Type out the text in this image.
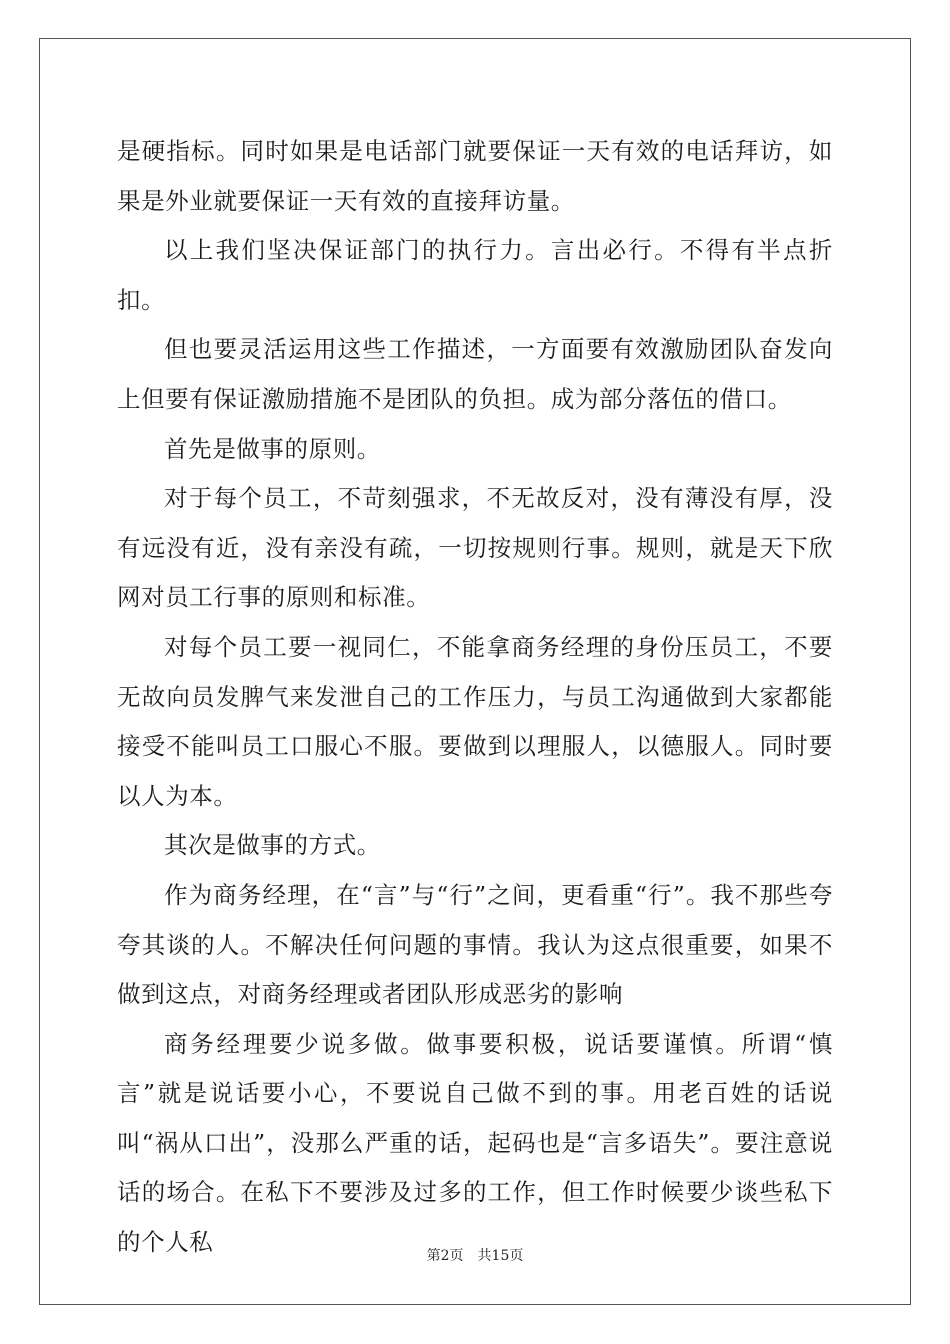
是硬指标。同时如果是电话部门就要保证一天有效的电话拜访，如果是外业就要保证一天有效的直接拜访量。

以上我们坚决保证部门的执行力。言出必行。不得有半点折扣。

但也要灵活运用这些工作描述，一方面要有效激励团队奋发向上但要有保证激励措施不是团队的负担。成为部分落伍的借口。

首先是做事的原则。

对于每个员工，不苛刻强求，不无故反对，没有薄没有厚，没有远没有近，没有亲没有疏，一切按规则行事。规则，就是天下欣网对员工行事的原则和标准。

对每个员工要一视同仁，不能拿商务经理的身份压员工，不要无故向员发脾气来发泄自己的工作压力，与员工沟通做到大家都能接受不能叫员工口服心不服。要做到以理服人，以德服人。同时要以人为本。

其次是做事的方式。

作为商务经理，在“言”与“行”之间，更看重“行”。我不那些夸夸其谈的人。不解决任何问题的事情。我认为这点很重要，如果不做到这点，对商务经理或者团队形成恶劣的影响

商务经理要少说多做。做事要积极，说话要谨慎。所谓“慎言”就是说话要小心，不要说自己做不到的事。用老百姓的话说叫“祸从口出”，没那么严重的话，起码也是“言多语失”。要注意说话的场合。在私下不要涉及过多的工作，但工作时候要少谈些私下的个人私	第2页 共15页
